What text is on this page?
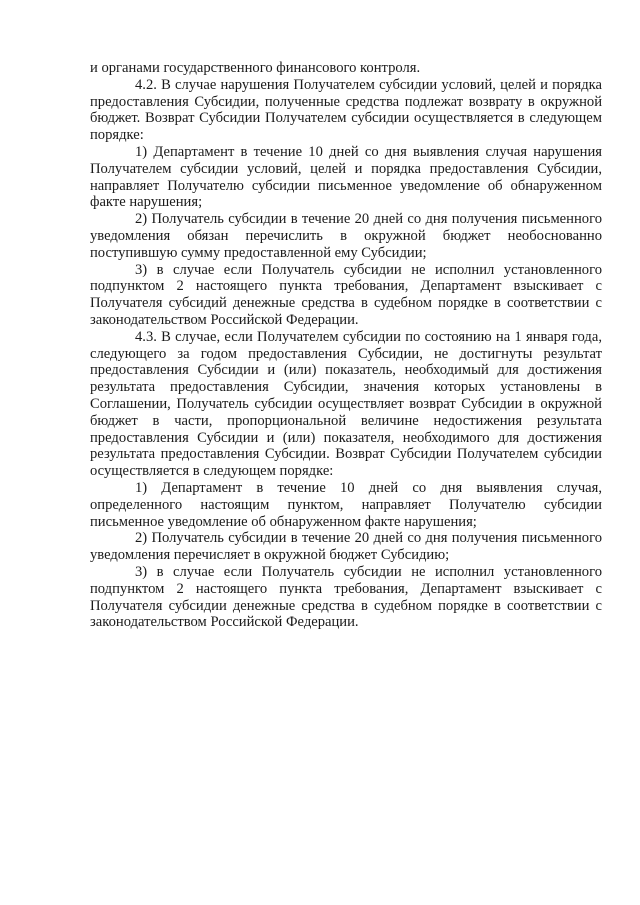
и органами государственного финансового контроля.

4.2. В случае нарушения Получателем субсидии условий, целей и порядка предоставления Субсидии, полученные средства подлежат возврату в окружной бюджет. Возврат Субсидии Получателем субсидии осуществляется в следующем порядке:

1) Департамент в течение 10 дней со дня выявления случая нарушения Получателем субсидии условий, целей и порядка предоставления Субсидии, направляет Получателю субсидии письменное уведомление об обнаруженном факте нарушения;

2) Получатель субсидии в течение 20 дней со дня получения письменного уведомления обязан перечислить в окружной бюджет необоснованно поступившую сумму предоставленной ему Субсидии;

3) в случае если Получатель субсидии не исполнил установленного подпунктом 2 настоящего пункта требования, Департамент взыскивает с Получателя субсидий денежные средства в судебном порядке в соответствии с законодательством Российской Федерации.

4.3. В случае, если Получателем субсидии по состоянию на 1 января года, следующего за годом предоставления Субсидии, не достигнуты результат предоставления Субсидии и (или) показатель, необходимый для достижения результата предоставления Субсидии, значения которых установлены в Соглашении, Получатель субсидии осуществляет возврат Субсидии в окружной бюджет в части, пропорциональной величине недостижения результата предоставления Субсидии и (или) показателя, необходимого для достижения результата предоставления Субсидии. Возврат Субсидии Получателем субсидии осуществляется в следующем порядке:

1) Департамент в течение 10 дней со дня выявления случая, определенного настоящим пунктом, направляет Получателю субсидии письменное уведомление об обнаруженном факте нарушения;

2) Получатель субсидии в течение 20 дней со дня получения письменного уведомления перечисляет в окружной бюджет Субсидию;

3) в случае если Получатель субсидии не исполнил установленного подпунктом 2 настоящего пункта требования, Департамент взыскивает с Получателя субсидии денежные средства в судебном порядке в соответствии с законодательством Российской Федерации.
